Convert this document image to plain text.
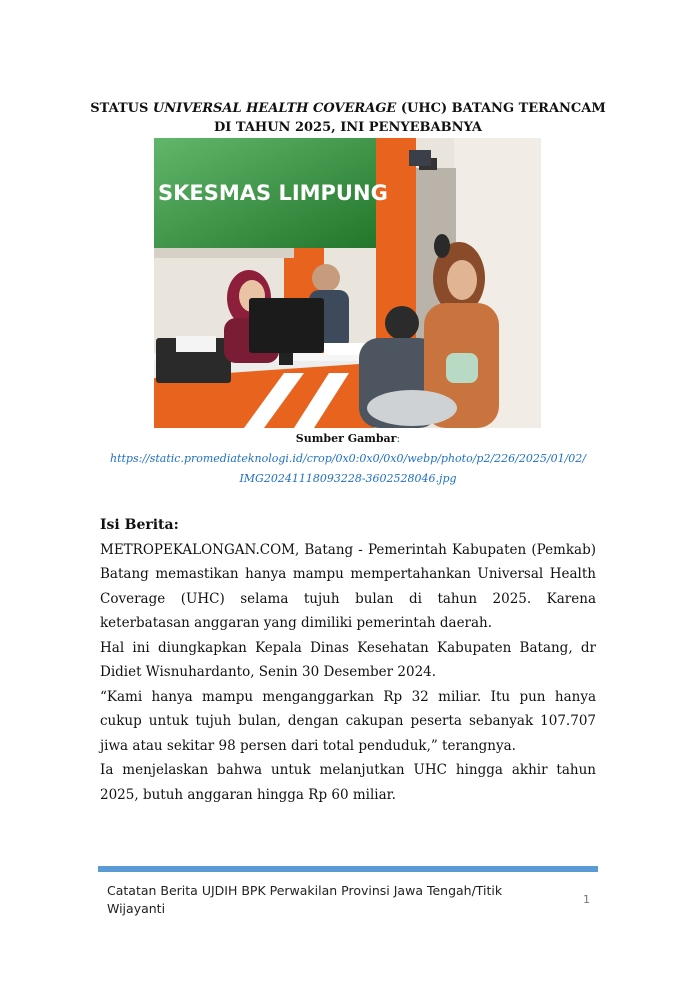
STATUS UNIVERSAL HEALTH COVERAGE (UHC) BATANG TERANCAM DI TAHUN 2025, INI PENYEBABNYA
SKESMAS LIMPUNG
Sumber Gambar:
https://static.promediateknologi.id/crop/0x0:0x0/0x0/webp/photo/p2/226/2025/01/02/
IMG20241118093228-3602528046.jpg
Isi Berita:

METROPEKALONGAN.COM, Batang - Pemerintah Kabupaten (Pemkab) Batang memastikan hanya mampu mempertahankan Universal Health Coverage (UHC) selama tujuh bulan di tahun 2025. Karena keterbatasan anggaran yang dimiliki pemerintah daerah.

Hal ini diungkapkan Kepala Dinas Kesehatan Kabupaten Batang, dr Didiet Wisnuhardanto, Senin 30 Desember 2024.

“Kami hanya mampu menganggarkan Rp 32 miliar. Itu pun hanya cukup untuk tujuh bulan, dengan cakupan peserta sebanyak 107.707 jiwa atau sekitar 98 persen dari total penduduk,” terangnya.

Ia menjelaskan bahwa untuk melanjutkan UHC hingga akhir tahun 2025, butuh anggaran hingga Rp 60 miliar.

Catatan Berita UJDIH BPK Perwakilan Provinsi Jawa Tengah/Titik Wijayanti
1
